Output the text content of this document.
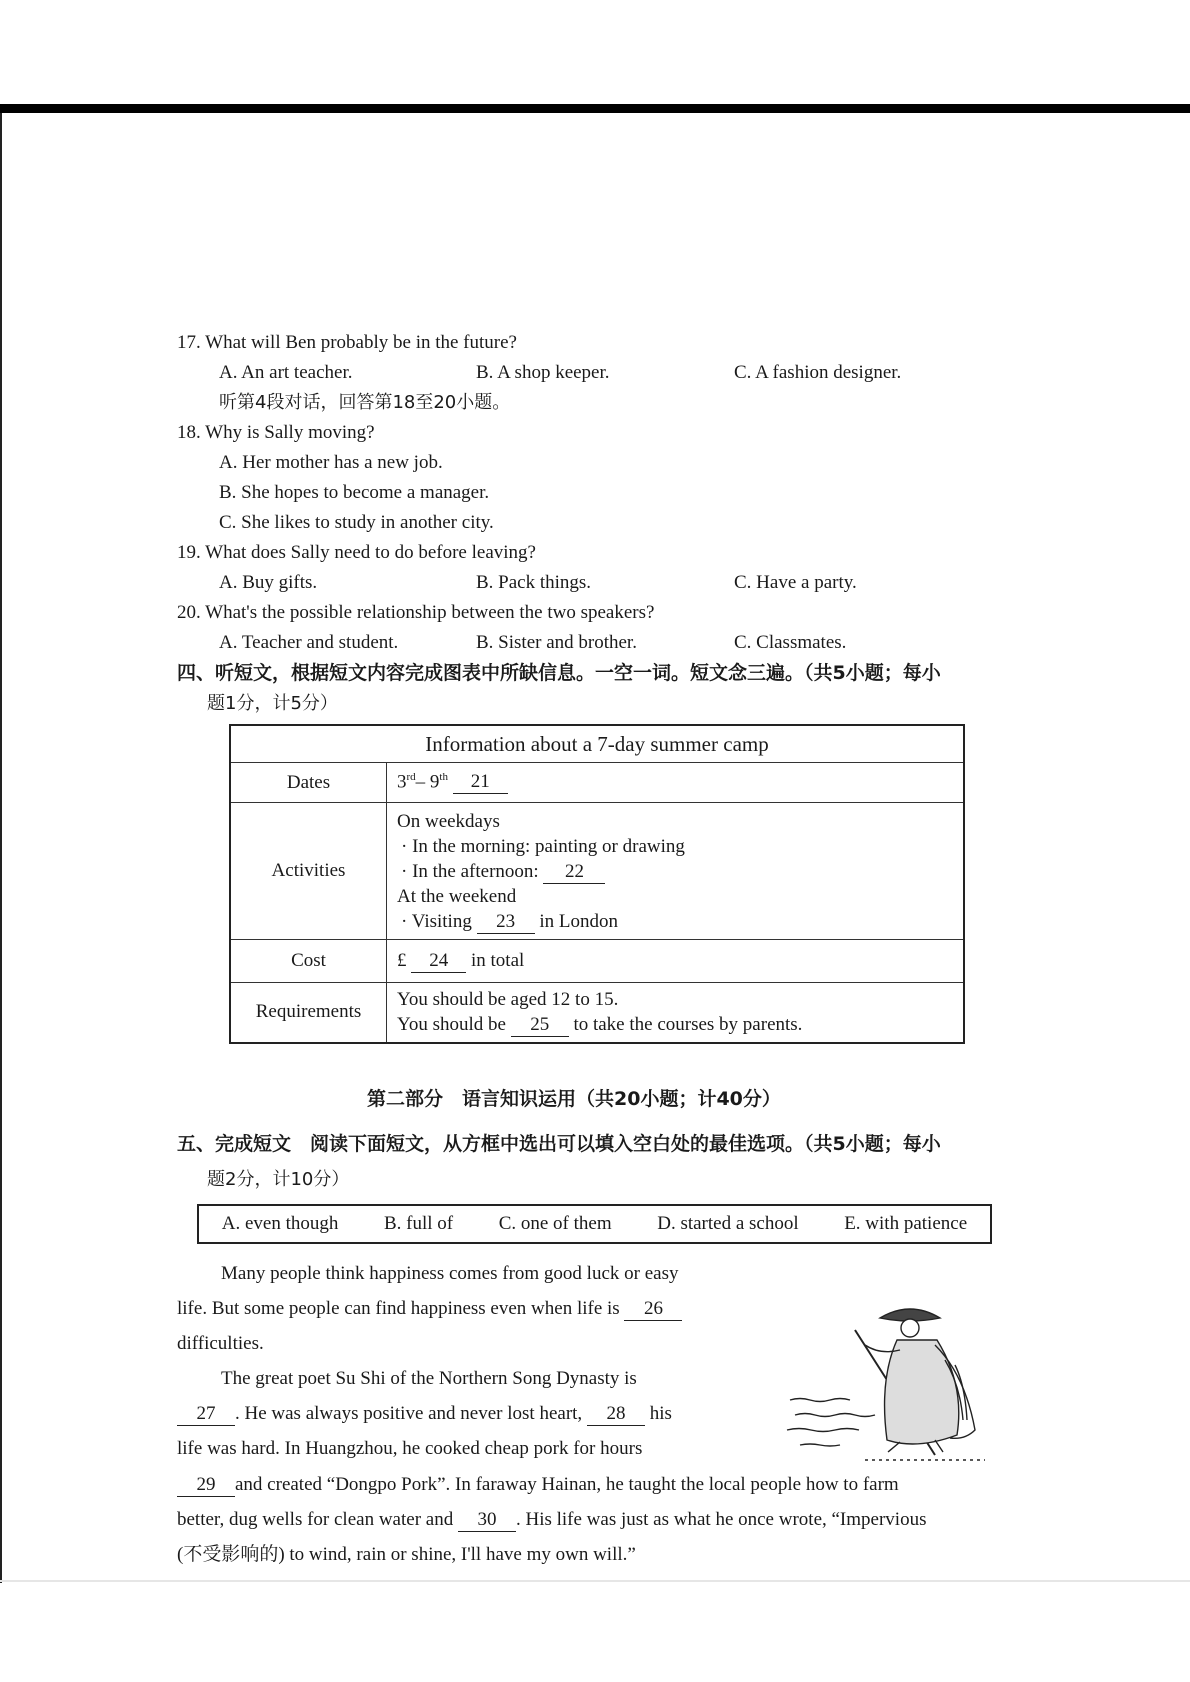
17. What will Ben probably be in the future?
A. An art teacher.	B. A shop keeper.	C. A fashion designer.
听第4段对话，回答第18至20小题。
18. Why is Sally moving?
A. Her mother has a new job.
B. She hopes to become a manager.
C. She likes to study in another city.
19. What does Sally need to do before leaving?
A. Buy gifts.	B. Pack things.	C. Have a party.
20. What's the possible relationship between the two speakers?
A. Teacher and student.	B. Sister and brother.	C. Classmates.
四、听短文，根据短文内容完成图表中所缺信息。一空一词。短文念三遍。（共5小题；每小
题1分，计5分）
Information about a 7-day summer camp	
Dates	3rd– 9th 21
Activities	On weekdays
· In the morning: painting or drawing
· In the afternoon: 22
At the weekend
· Visiting 23 in London

Cost	£ 24 in total
Requirements	You should be aged 12 to 15.
You should be 25 to take the courses by parents.
第二部分　语言知识运用（共20小题；计40分）
五、完成短文　阅读下面短文，从方框中选出可以填入空白处的最佳选项。（共5小题；每小
题2分，计10分）
A. even though B. full of C. one of them D. started a school E. with patience
Many people think happiness comes from good luck or easy
life. But some people can find happiness even when life is 26
difficulties.
The great poet Su Shi of the Northern Song Dynasty is
27 . He was always positive and never lost heart, 28 his
life was hard. In Huangzhou, he cooked cheap pork for hours
29 and created “Dongpo Pork”. In faraway Hainan, he taught the local people how to farm
better, dug wells for clean water and 30 . His life was just as what he once wrote, “Impervious
(不受影响的) to wind, rain or shine, I'll have my own will.”
